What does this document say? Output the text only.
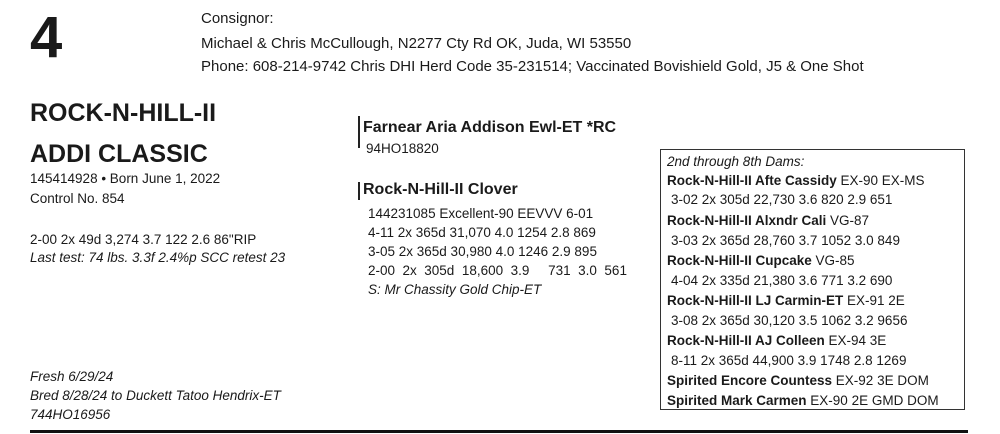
4	Consignor:
Michael & Chris McCullough, N2277 Cty Rd OK, Juda, WI 53550
Phone: 608-214-9742 Chris DHI Herd Code 35-231514; Vaccinated Bovishield Gold, J5 & One Shot
ROCK-N-HILL-II
ADDI CLASSIC
145414928 • Born June 1, 2022
Control No. 854
2-00 2x 49d 3,274 3.7 122 2.6 86"RIP
Last test: 74 lbs. 3.3f 2.4%p SCC retest 23
Farnear Aria Addison Ewl-ET *RC
94HO18820
Rock-N-Hill-II Clover
144231085 Excellent-90 EEVVV 6-01
4-11 2x 365d 31,070 4.0 1254 2.8 869
3-05 2x 365d 30,980 4.0 1246 2.9 895
2-00  2x  305d  18,600  3.9     731  3.0  561
S: Mr Chassity Gold Chip-ET
2nd through 8th Dams:
Rock-N-Hill-II Afte Cassidy EX-90 EX-MS
3-02 2x 305d 22,730 3.6 820 2.9 651
Rock-N-Hill-II Alxndr Cali VG-87
3-03 2x 365d 28,760 3.7 1052 3.0 849
Rock-N-Hill-II Cupcake VG-85
4-04 2x 335d 21,380 3.6 771 3.2 690
Rock-N-Hill-II LJ Carmin-ET EX-91 2E
3-08 2x 365d 30,120 3.5 1062 3.2 9656
Rock-N-Hill-II AJ Colleen EX-94 3E
8-11 2x 365d 44,900 3.9 1748 2.8 1269
Spirited Encore Countess EX-92 3E DOM
Spirited Mark Carmen EX-90 2E GMD DOM
Fresh 6/29/24
Bred 8/28/24 to Duckett Tatoo Hendrix-ET
744HO16956
